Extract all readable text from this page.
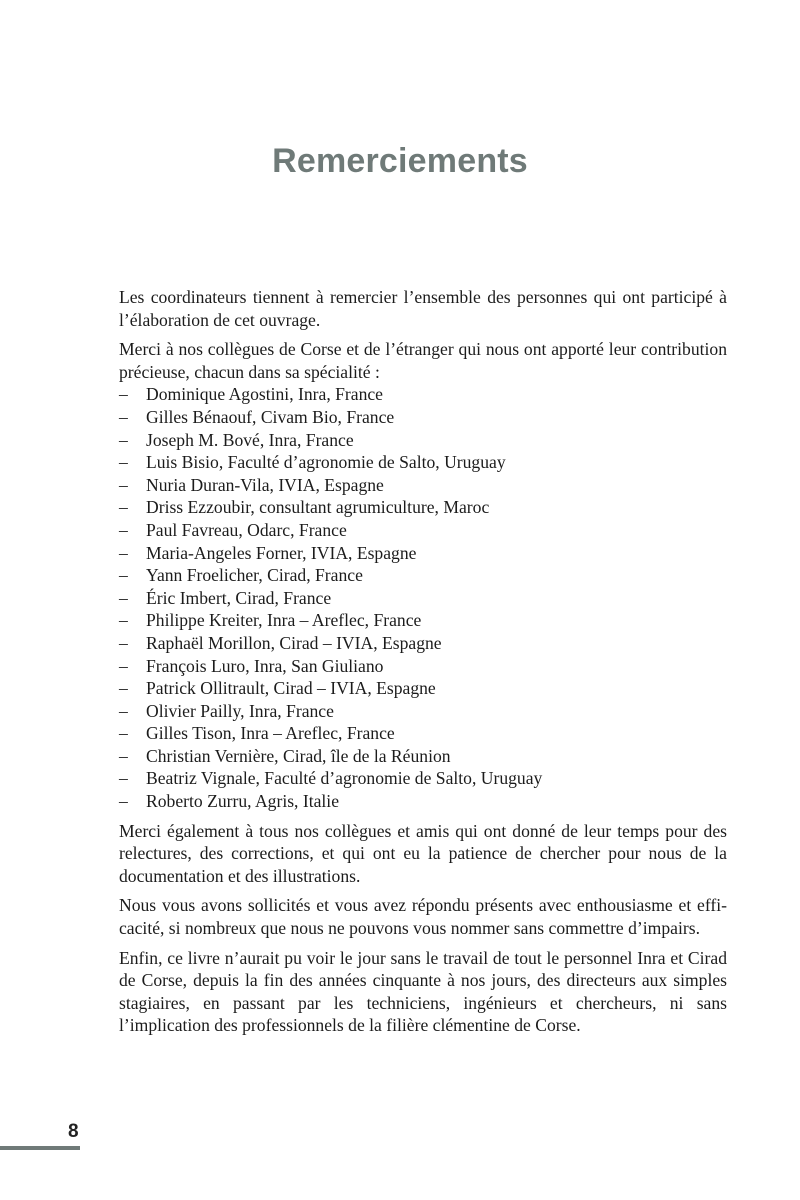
Remerciements

Les coordinateurs tiennent à remercier l’ensemble des personnes qui ont participé à l’élaboration de cet ouvrage.

Merci à nos collègues de Corse et de l’étranger qui nous ont apporté leur contribution précieuse, chacun dans sa spécialité :

– Dominique Agostini, Inra, France
– Gilles Bénaouf, Civam Bio, France
– Joseph M. Bové, Inra, France
– Luis Bisio, Faculté d’agronomie de Salto, Uruguay
– Nuria Duran-Vila, IVIA, Espagne
– Driss Ezzoubir, consultant agrumiculture, Maroc
– Paul Favreau, Odarc, France
– Maria-Angeles Forner, IVIA, Espagne
– Yann Froelicher, Cirad, France
– Éric Imbert, Cirad, France
– Philippe Kreiter, Inra – Areflec, France
– Raphaël Morillon, Cirad – IVIA, Espagne
– François Luro, Inra, San Giuliano
– Patrick Ollitrault, Cirad – IVIA, Espagne
– Olivier Pailly, Inra, France
– Gilles Tison, Inra – Areflec, France
– Christian Vernière, Cirad, île de la Réunion
– Beatriz Vignale, Faculté d’agronomie de Salto, Uruguay
– Roberto Zurru, Agris, Italie

Merci également à tous nos collègues et amis qui ont donné de leur temps pour des relectures, des corrections, et qui ont eu la patience de chercher pour nous de la documentation et des illustrations.

Nous vous avons sollicités et vous avez répondu présents avec enthousiasme et efficacité, si nombreux que nous ne pouvons vous nommer sans commettre d’impairs.

Enfin, ce livre n’aurait pu voir le jour sans le travail de tout le personnel Inra et Cirad de Corse, depuis la fin des années cinquante à nos jours, des directeurs aux simples stagiaires, en passant par les techniciens, ingénieurs et chercheurs, ni sans l’implication des professionnels de la filière clémentine de Corse.

8
